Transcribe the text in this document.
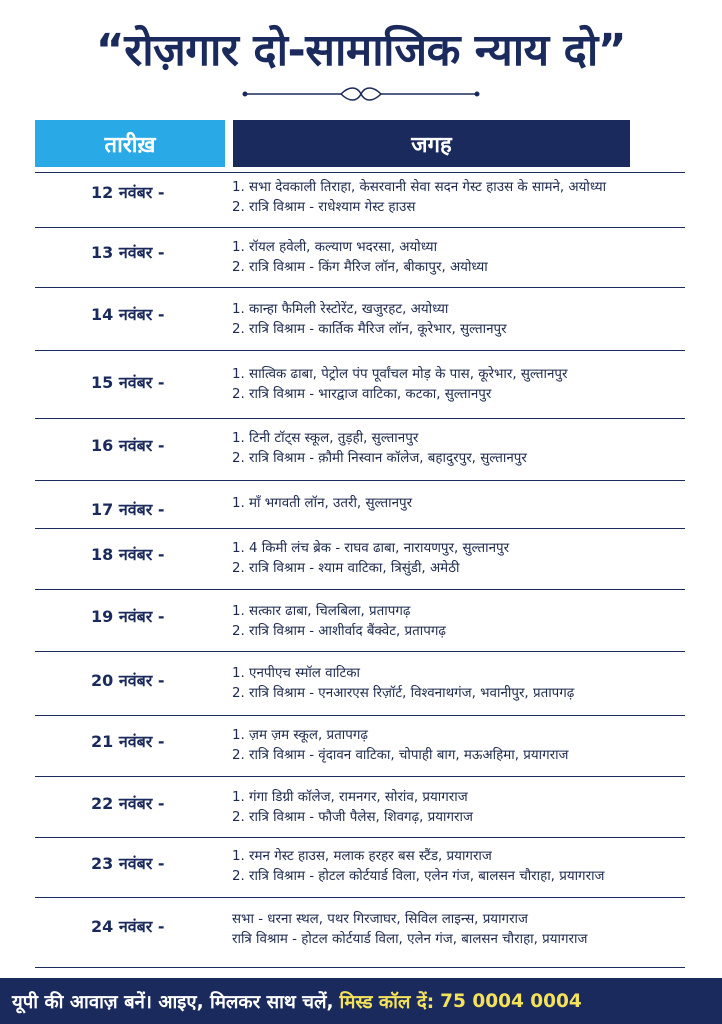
“रोज़गार दो-सामाजिक न्याय दो”
तारीख़	जगह
12 नवंबर -	1. सभा देवकाली तिराहा, केसरवानी सेवा सदन गेस्ट हाउस के सामने, अयोध्या
2. रात्रि विश्राम - राधेश्याम गेस्ट हाउस
13 नवंबर -	1. रॉयल हवेली, कल्याण भदरसा, अयोध्या
2. रात्रि विश्राम - किंग मैरिज लॉन, बीकापुर, अयोध्या
14 नवंबर -	1. कान्हा फैमिली रेस्टोरेंट, खजुरहट, अयोध्या
2. रात्रि विश्राम - कार्तिक मैरिज लॉन, कूरेभार, सुल्तानपुर
15 नवंबर -	1. सात्विक ढाबा, पेट्रोल पंप पूर्वांचल मोड़ के पास, कूरेभार, सुल्तानपुर
2. रात्रि विश्राम - भारद्वाज वाटिका, कटका, सुल्तानपुर
16 नवंबर -	1. टिनी टॉट्स स्कूल, तुड़ही, सुल्तानपुर
2. रात्रि विश्राम - क़ौमी निस्वान कॉलेज, बहादुरपुर, सुल्तानपुर
17 नवंबर -	1. माँ भगवती लॉन, उतरी, सुल्तानपुर
18 नवंबर -	1. 4 किमी लंच ब्रेक - राघव ढाबा, नारायणपुर, सुल्तानपुर
2. रात्रि विश्राम - श्याम वाटिका, त्रिसुंडी, अमेठी
19 नवंबर -	1. सत्कार ढाबा, चिलबिला, प्रतापगढ़
2. रात्रि विश्राम - आशीर्वाद बैंक्वेट, प्रतापगढ़
20 नवंबर -	1. एनपीएच स्मॉल वाटिका
2. रात्रि विश्राम - एनआरएस रिज़ॉर्ट, विश्वनाथगंज, भवानीपुर, प्रतापगढ़
21 नवंबर -	1. ज़म ज़म स्कूल, प्रतापगढ़
2. रात्रि विश्राम - वृंदावन वाटिका, चोपाही बाग, मऊअहिमा, प्रयागराज
22 नवंबर -	1. गंगा डिग्री कॉलेज, रामनगर, सोरांव, प्रयागराज
2. रात्रि विश्राम - फौजी पैलेस, शिवगढ़, प्रयागराज
23 नवंबर -	1. रमन गेस्ट हाउस, मलाक हरहर बस स्टैंड, प्रयागराज
2. रात्रि विश्राम - होटल कोर्टयार्ड विला, एलेन गंज, बालसन चौराहा, प्रयागराज
24 नवंबर -	सभा - धरना स्थल, पथर गिरजाघर, सिविल लाइन्स, प्रयागराज
रात्रि विश्राम - होटल कोर्टयार्ड विला, एलेन गंज, बालसन चौराहा, प्रयागराज
यूपी की आवाज़ बनें। आइए, मिलकर साथ चलें, मिस्ड कॉल दें: 75 0004 0004
